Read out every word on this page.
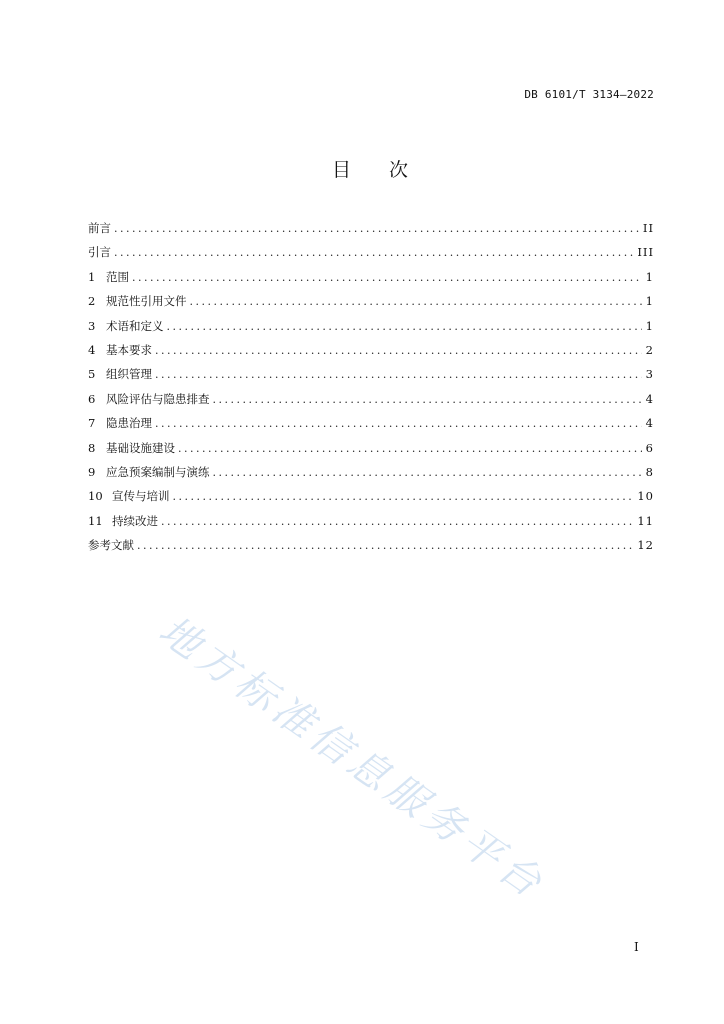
DB 6101/T 3134—2022
目 次
前言 .....	II
引言 .....	III
1 范围 .....	1
2 规范性引用文件 .....	1
3 术语和定义 .....	1
4 基本要求 .....	2
5 组织管理 .....	3
6 风险评估与隐患排查 .....	4
7 隐患治理 .....	4
8 基础设施建设 .....	6
9 应急预案编制与演练 .....	8
10 宣传与培训 .....	10
11 持续改进 .....	11
参考文献 .....	12
地方标准信息服务平台
I
